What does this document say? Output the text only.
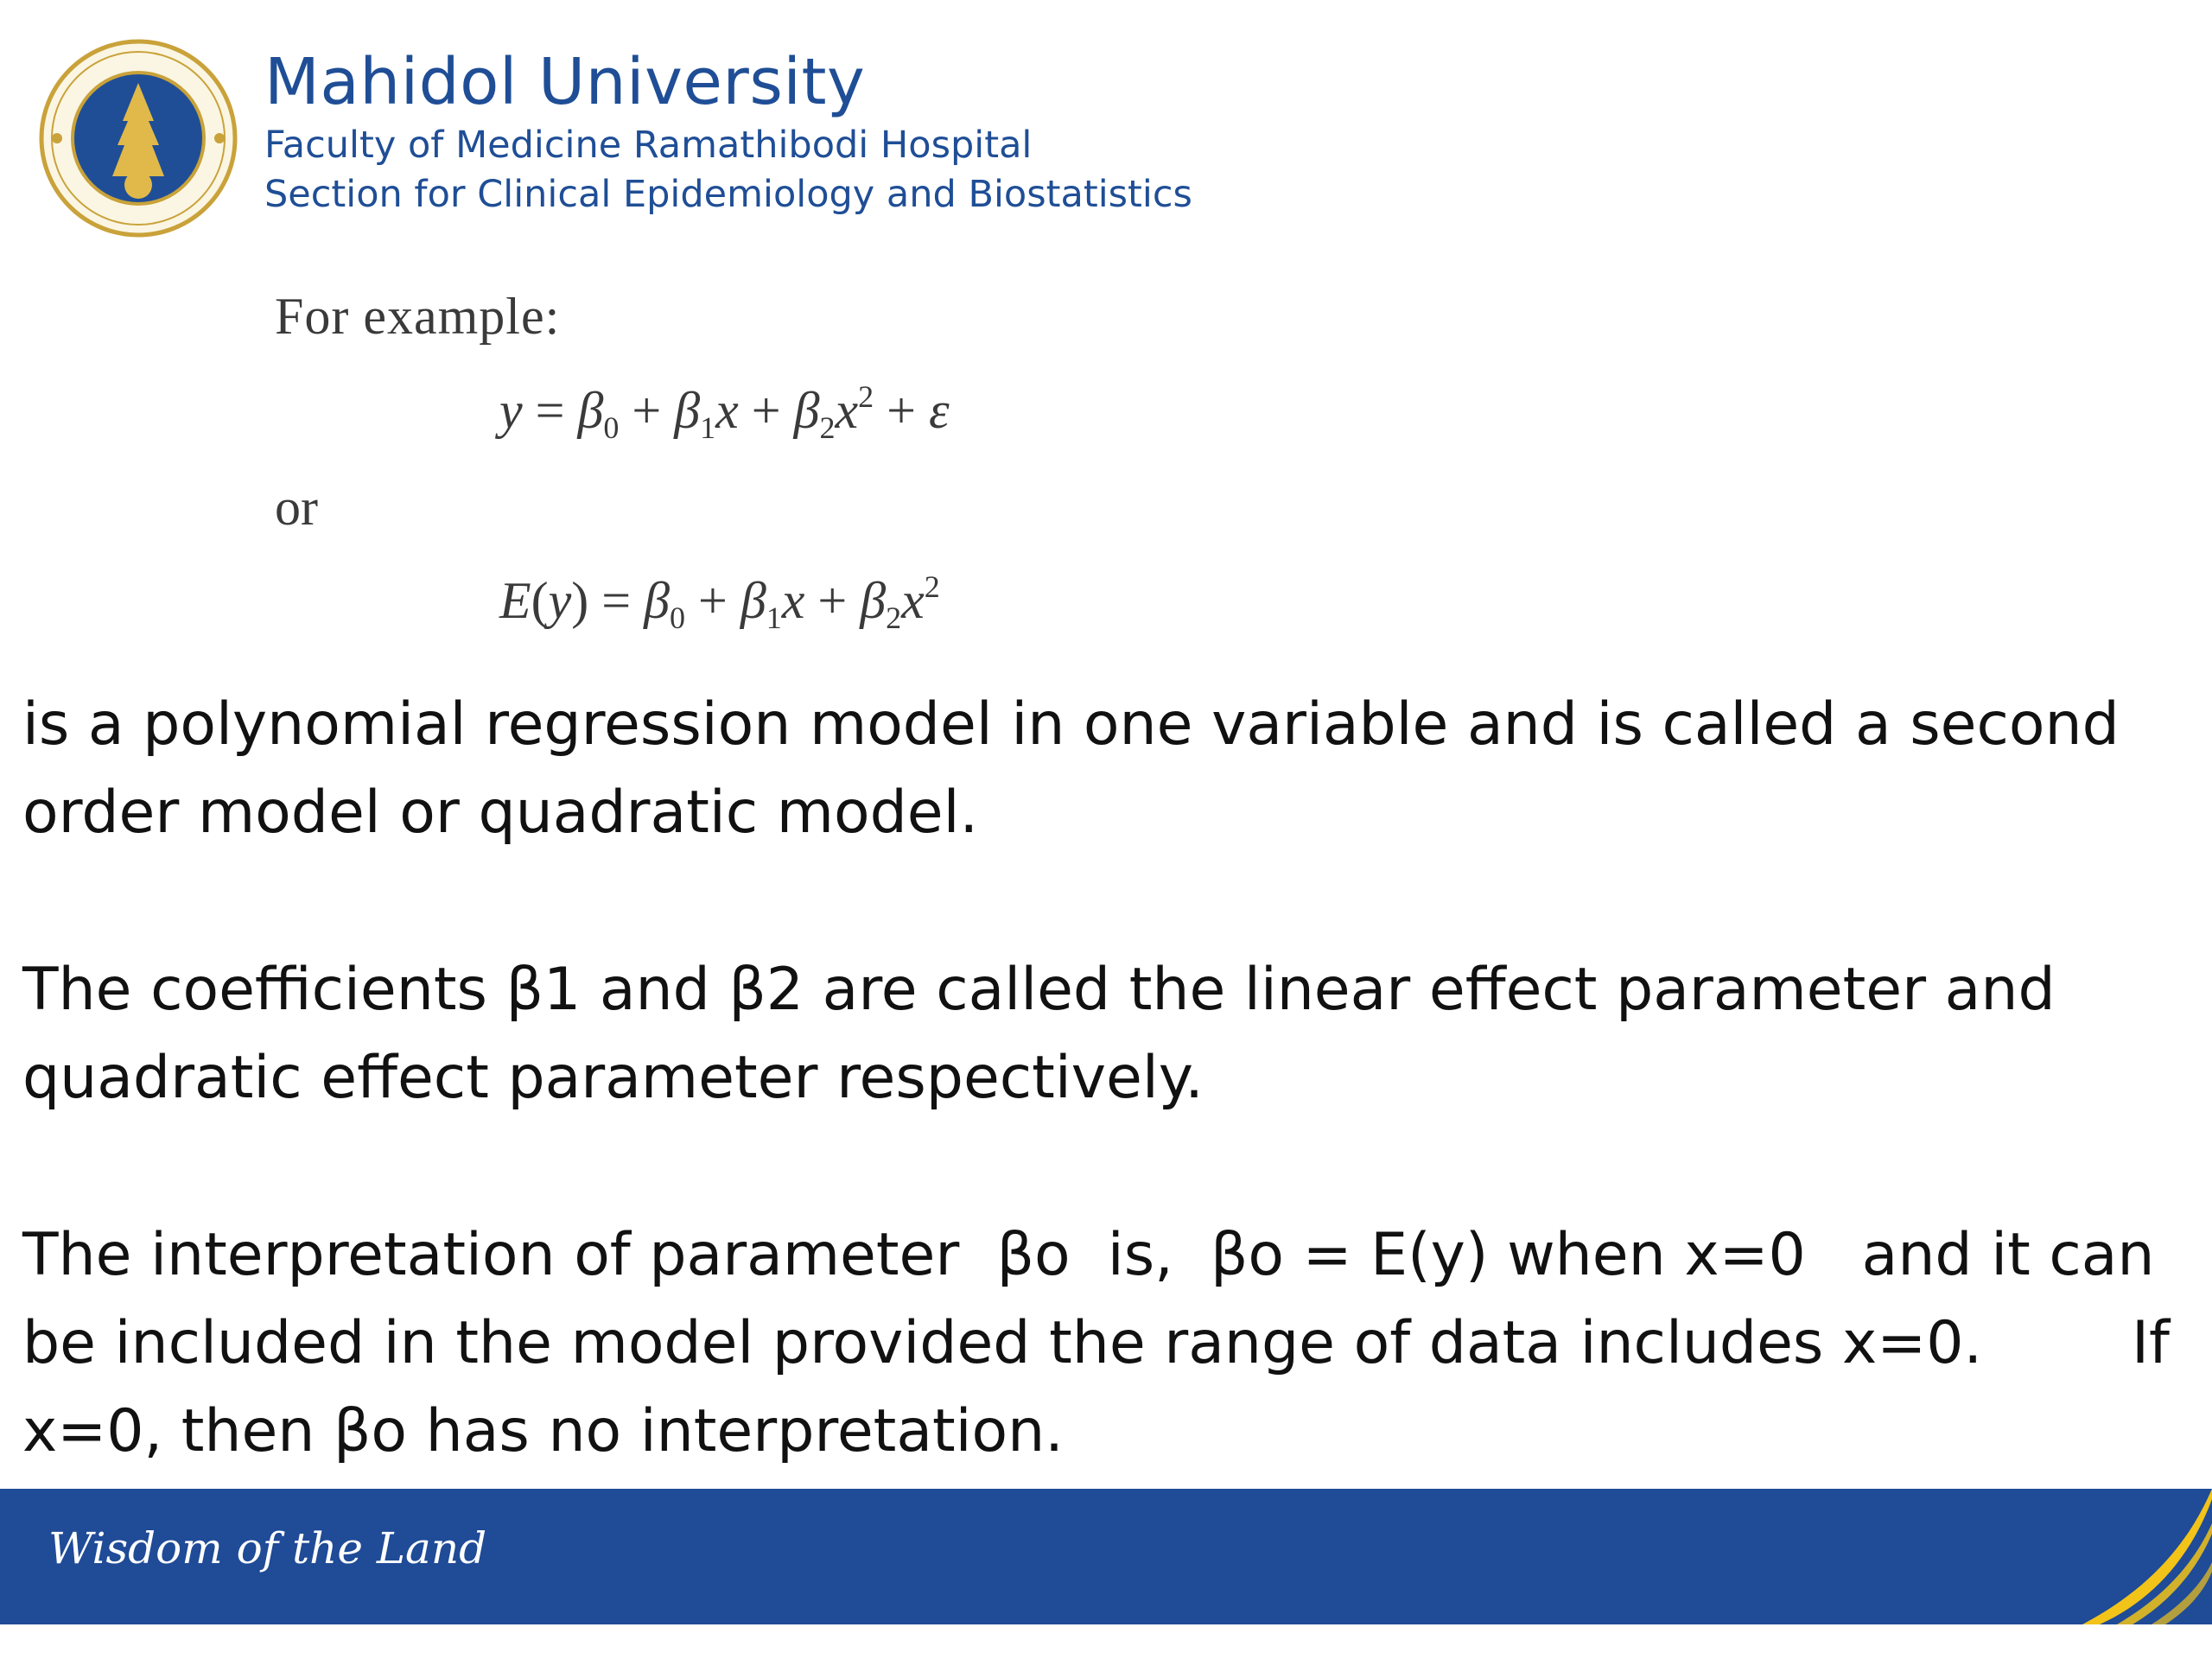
Mahidol University
Faculty of Medicine Ramathibodi Hospital
Section for Clinical Epidemiology and Biostatistics
For example:
$y = \beta_0 + \beta_1x + \beta_2x^2 + \varepsilon$
or
$E(y) = \beta_0 + \beta_1x + \beta_2x^2$

is a polynomial regression model in one variable and is called a second
order model or quadratic model.

The coefficients β1 and β2 are called the linear effect parameter and
quadratic effect parameter respectively.

The interpretation of parameter  βo  is,  βo = E(y) when x=0   and it can
be included in the model provided the range of data includes x=0.        If
x=0, then βo has no interpretation.

Wisdom of the Land
